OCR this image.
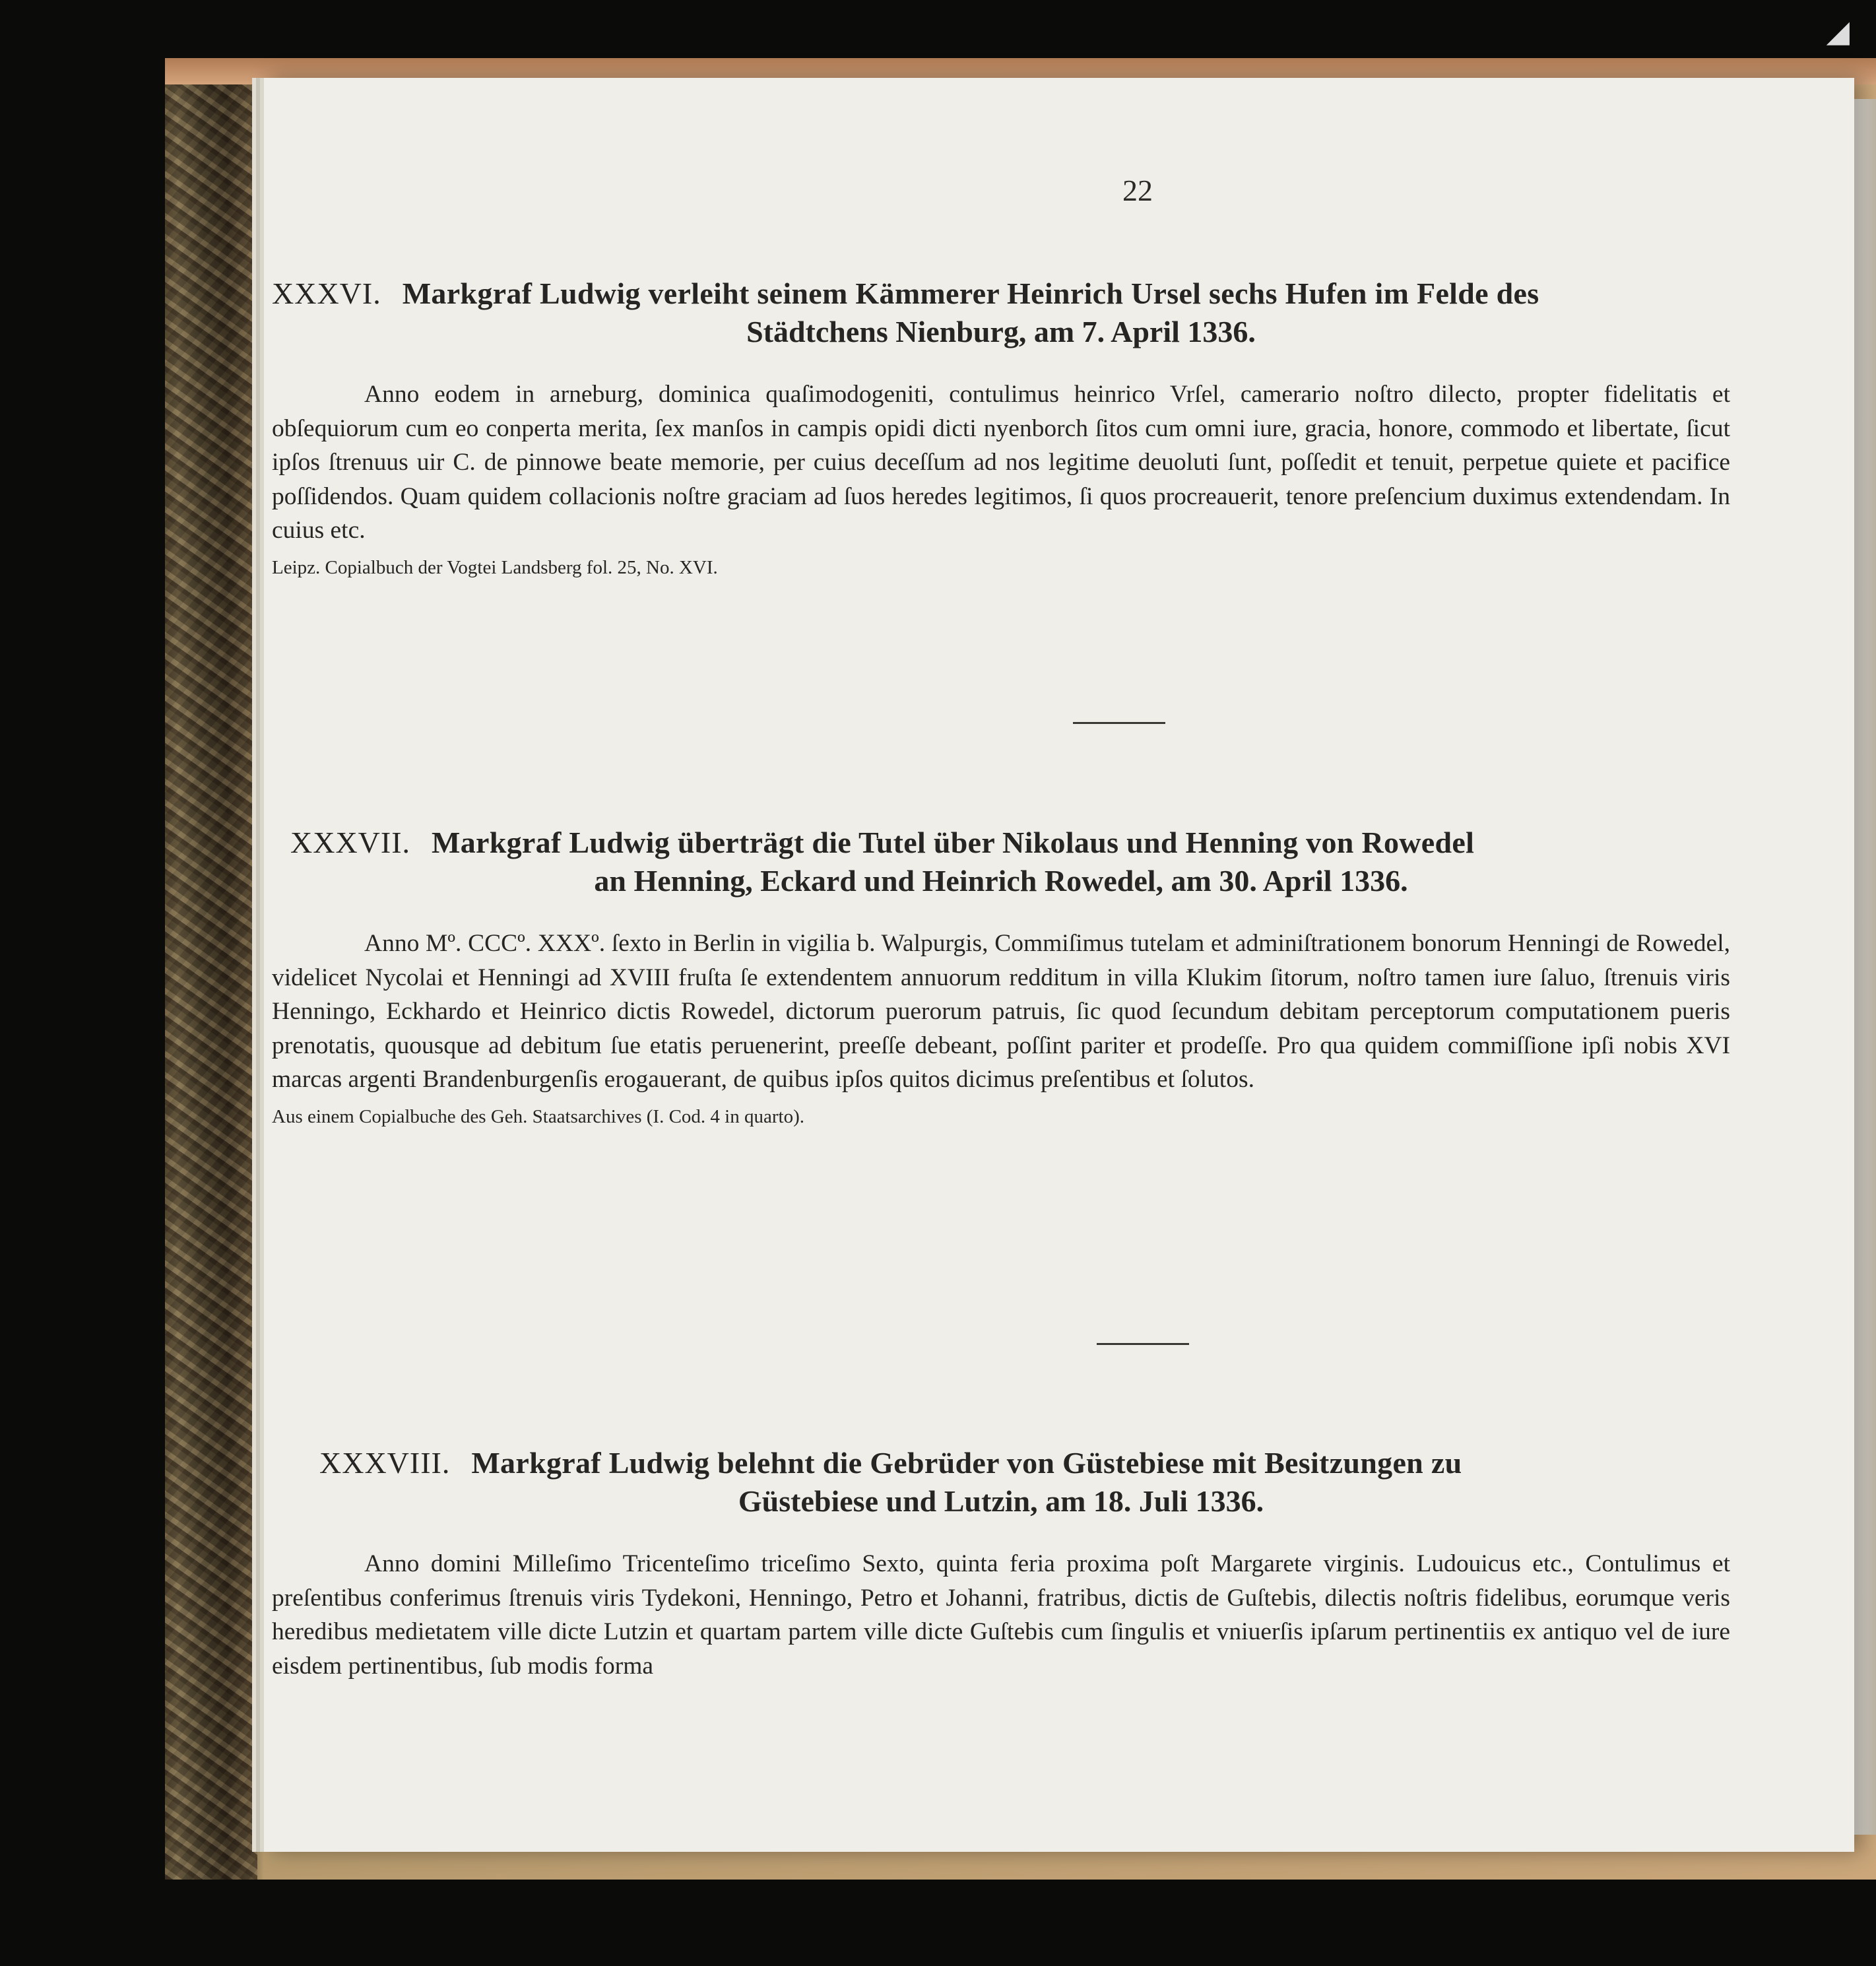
◢
22
XXXVI. Markgraf Ludwig verleiht seinem Kämmerer Heinrich Ursel sechs Hufen im Felde des
Städtchens Nienburg, am 7. April 1336.
Anno eodem in arneburg, dominica quaſimodogeniti, contulimus heinrico Vrſel, camerario noſtro dilecto, propter fidelitatis et obſequiorum cum eo conperta merita, ſex manſos in campis opidi dicti nyenborch ſitos cum omni iure, gracia, honore, commodo et libertate, ſicut ipſos ſtrenuus uir C. de pinnowe beate memorie, per cuius deceſſum ad nos legitime deuoluti ſunt, poſſedit et tenuit, perpetue quiete et pacifice poſſidendos. Quam quidem collacionis noſtre graciam ad ſuos heredes legitimos, ſi quos procreauerit, tenore preſencium duximus extendendam. In cuius etc.
Leipz. Copialbuch der Vogtei Landsberg fol. 25, No. XVI.
XXXVII. Markgraf Ludwig überträgt die Tutel über Nikolaus und Henning von Rowedel
an Henning, Eckard und Heinrich Rowedel, am 30. April 1336.
Anno Mº. CCCº. XXXº. ſexto in Berlin in vigilia b. Walpurgis, Commiſimus tutelam et adminiſtrationem bonorum Henningi de Rowedel, videlicet Nycolai et Henningi ad XVIII fruſta ſe extendentem annuorum redditum in villa Klukim ſitorum, noſtro tamen iure ſaluo, ſtrenuis viris Henningo, Eckhardo et Heinrico dictis Rowedel, dictorum puerorum patruis, ſic quod ſecundum debitam perceptorum computationem pueris prenotatis, quousque ad debitum ſue etatis peruenerint, preeſſe debeant, poſſint pariter et prodeſſe. Pro qua quidem commiſſione ipſi nobis XVI marcas argenti Brandenburgenſis erogauerant, de quibus ipſos quitos dicimus preſentibus et ſolutos.
Aus einem Copialbuche des Geh. Staatsarchives (I. Cod. 4 in quarto).
XXXVIII. Markgraf Ludwig belehnt die Gebrüder von Güstebiese mit Besitzungen zu
Güstebiese und Lutzin, am 18. Juli 1336.
Anno domini Milleſimo Tricenteſimo triceſimo Sexto, quinta feria proxima poſt Margarete virginis. Ludouicus etc., Contulimus et preſentibus conferimus ſtrenuis viris Tydekoni, Henningo, Petro et Johanni, fratribus, dictis de Guſtebis, dilectis noſtris fidelibus, eorumque veris heredibus medietatem ville dicte Lutzin et quartam partem ville dicte Guſtebis cum ſingulis et vniuerſis ipſarum pertinentiis ex antiquo vel de iure eisdem pertinentibus, ſub modis forma
